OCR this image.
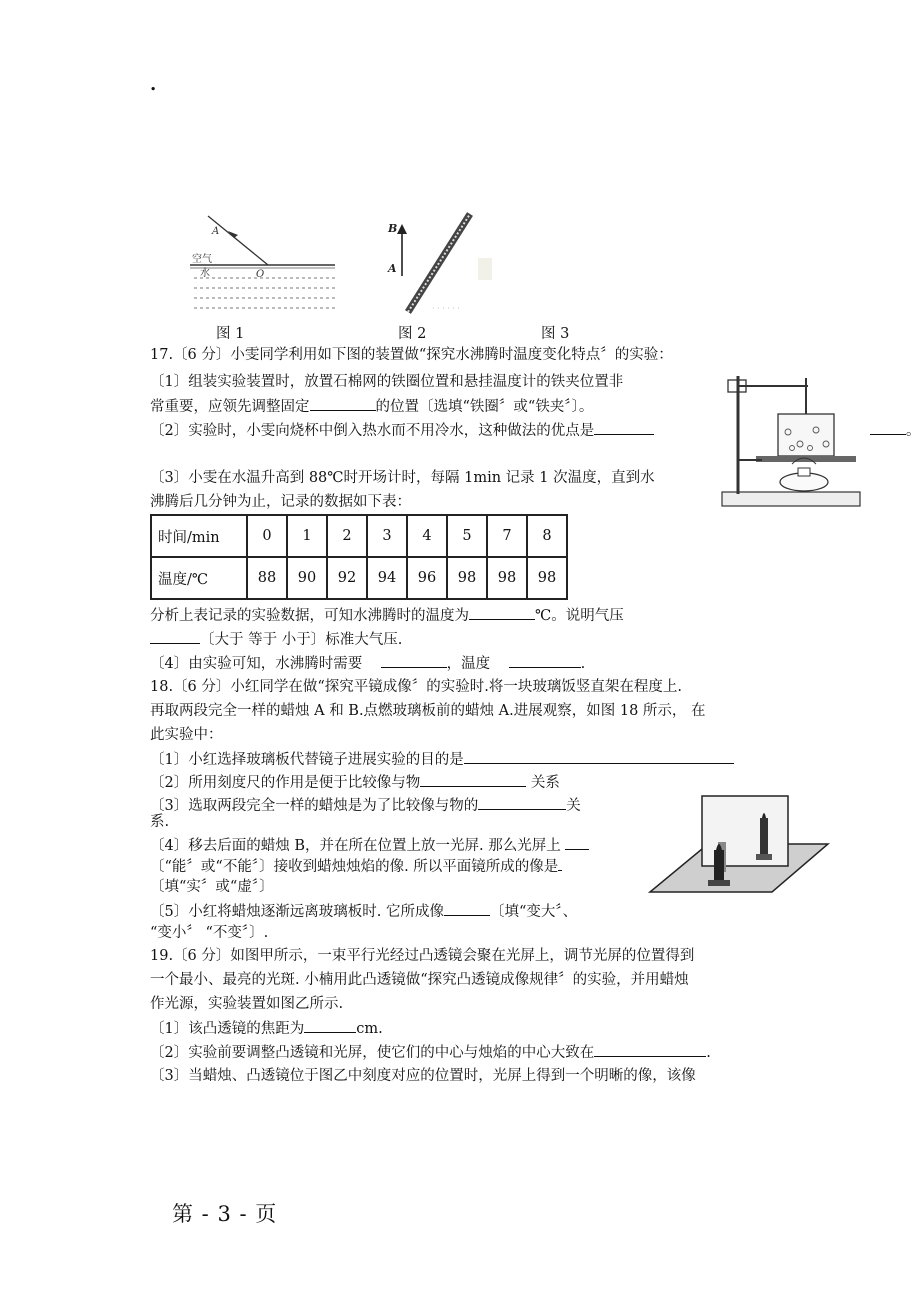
.
A
空气
水	O
B
A
· · · · · ·
图 1	图 2	图 3
17.〔6 分〕小雯同学利用如下图的装置做“探究水沸腾时温度变化特点〞的实验：
〔1〕组装实验装置时，放置石棉网的铁圈位置和悬挂温度计的铁夹位置非
常重要，应领先调整固定	的位置〔选填“铁圈〞或“铁夹〞〕。
〔2〕实验时，小雯向烧杯中倒入热水而不用冷水，这种做法的优点是	。
〔3〕小雯在水温升高到 88℃时开场计时，每隔 1min 记录 1 次温度，直到水
沸腾后几分钟为止，记录的数据如下表：
时间/min	0	1	2	3	4	5	7	8
温度/℃	88	90	92	94	96	98	98	98
分析上表记录的实验数据，可知水沸腾时的温度为	℃。说明气压
〔大于 等于 小于〕标准大气压.
〔4〕由实验可知，水沸腾时需要	，温度	.
18.〔6 分〕小红同学在做“探究平镜成像〞的实验时.将一块玻璃饭竖直架在程度上.
再取两段完全一样的蜡烛 A 和 B.点燃玻璃板前的蜡烛 A.进展观察，如图 18 所示， 在
此实验中：
〔1〕小红选择玻璃板代替镜子进展实验的目的是
〔2〕所用刻度尺的作用是便于比较像与物	关系
〔3〕选取两段完全一样的蜡烛是为了比较像与物的	关
系.
〔4〕移去后面的蜡烛 B，并在所在位置上放一光屏. 那么光屏上
〔“能〞或“不能〞〕接收到蜡烛烛焰的像. 所以平面镜所成的像是
〔填“实〞或“虚〞〕
〔5〕小红将蜡烛逐渐远离玻璃板时. 它所成像	〔填“变大〞、
“变小〞 “不变〞〕.
19.〔6 分〕如图甲所示，一束平行光经过凸透镜会聚在光屏上，调节光屏的位置得到
一个最小、最亮的光斑. 小楠用此凸透镜做“探究凸透镜成像规律〞的实验，并用蜡烛
作光源，实验装置如图乙所示.
〔1〕该凸透镜的焦距为	cm.
〔2〕实验前要调整凸透镜和光屏，使它们的中心与烛焰的中心大致在	.
〔3〕当蜡烛、凸透镜位于图乙中刻度对应的位置时，光屏上得到一个明晰的像，该像
第 - 3 - 页
